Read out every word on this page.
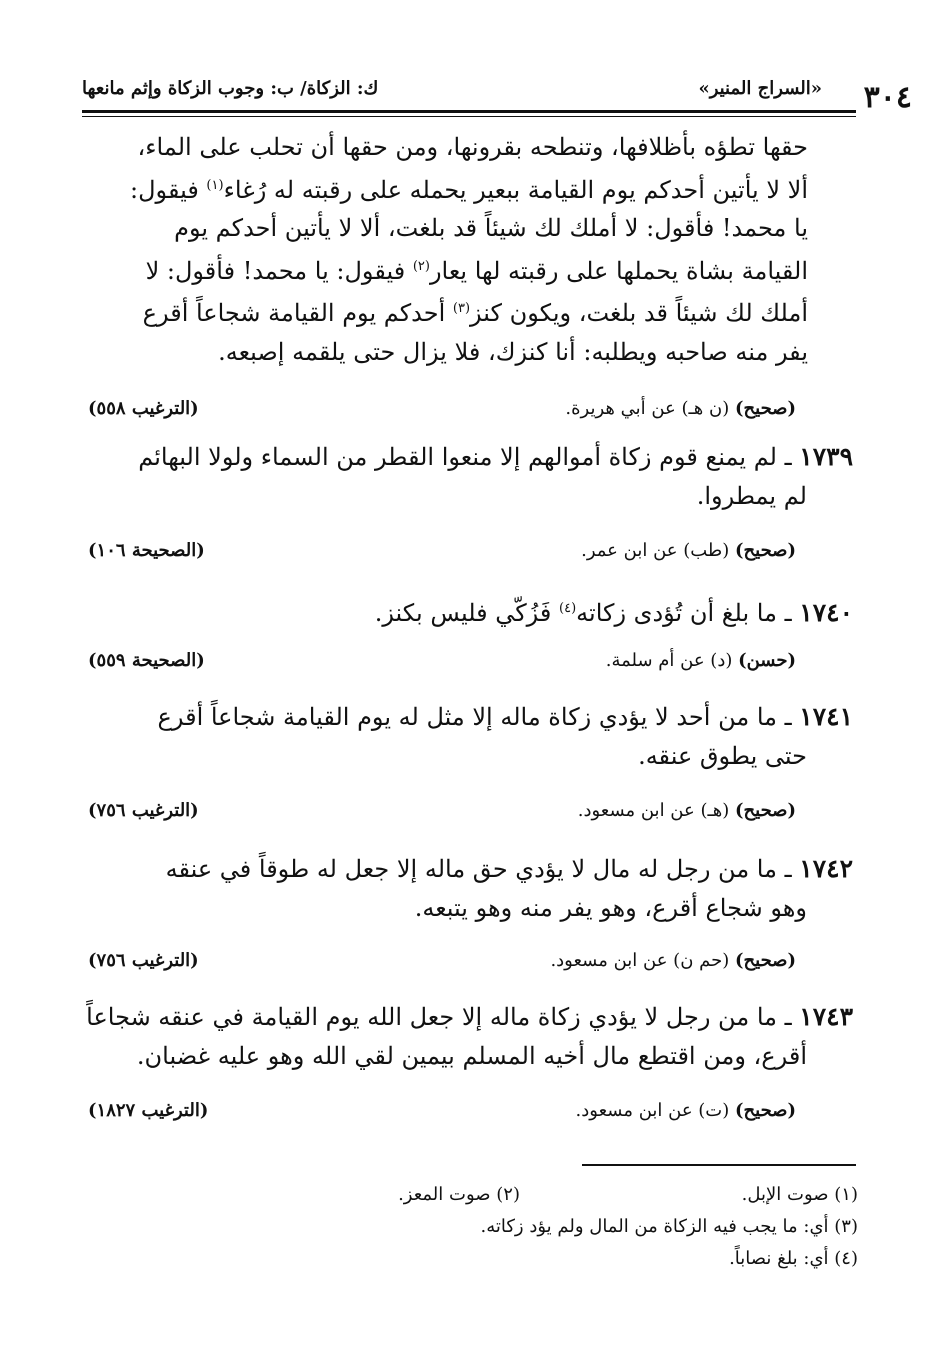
٣٠٤
«السراج المنير»
ك: الزكاة/ ب: وجوب الزكاة وإثم مانعها
حقها تطؤه بأظلافها، وتنطحه بقرونها، ومن حقها أن تحلب على الماء،
ألا لا يأتين أحدكم يوم القيامة ببعير يحمله على رقبته له رُغاء$^{(١)}$ فيقول:
يا محمد! فأقول: لا أملك لك شيئاً قد بلغت، ألا لا يأتين أحدكم يوم
القيامة بشاة يحملها على رقبته لها يعار$^{(٢)}$ فيقول: يا محمد! فأقول: لا
أملك لك شيئاً قد بلغت، ويكون كنز$^{(٣)}$ أحدكم يوم القيامة شجاعاً أقرع
يفر منه صاحبه ويطلبه: أنا كنزك، فلا يزال حتى يلقمه إصبعه.
(صحيح) (ن هـ) عن أبي هريرة.
(الترغيب ٥٥٨)
١٧٣٩ ـ لم يمنع قوم زكاة أموالهم إلا منعوا القطر من السماء ولولا البهائم
لم يمطروا.
(صحيح) (طب) عن ابن عمر.
(الصحيحة ١٠٦)
١٧٤٠ ـ ما بلغ أن تُؤدى زكاته$^{(٤)}$ فَزُكّي فليس بكنز.
(حسن) (د) عن أم سلمة.
(الصحيحة ٥٥٩)
١٧٤١ ـ ما من أحد لا يؤدي زكاة ماله إلا مثل له يوم القيامة شجاعاً أقرع
حتى يطوق عنقه.
(صحيح) (هـ) عن ابن مسعود.
(الترغيب ٧٥٦)
١٧٤٢ ـ ما من رجل له مال لا يؤدي حق ماله إلا جعل له طوقاً في عنقه
وهو شجاع أقرع، وهو يفر منه وهو يتبعه.
(صحيح) (حم ن) عن ابن مسعود.
(الترغيب ٧٥٦)
١٧٤٣ ـ ما من رجل لا يؤدي زكاة ماله إلا جعل الله يوم القيامة في عنقه شجاعاً
أقرع، ومن اقتطع مال أخيه المسلم بيمين لقي الله وهو عليه غضبان.
(صحيح) (ت) عن ابن مسعود.
(الترغيب ١٨٢٧)
(١) صوت الإبل.
(٢) صوت المعز.
(٣) أي: ما يجب فيه الزكاة من المال ولم يؤد زكاته.
(٤) أي: بلغ نصاباً.
